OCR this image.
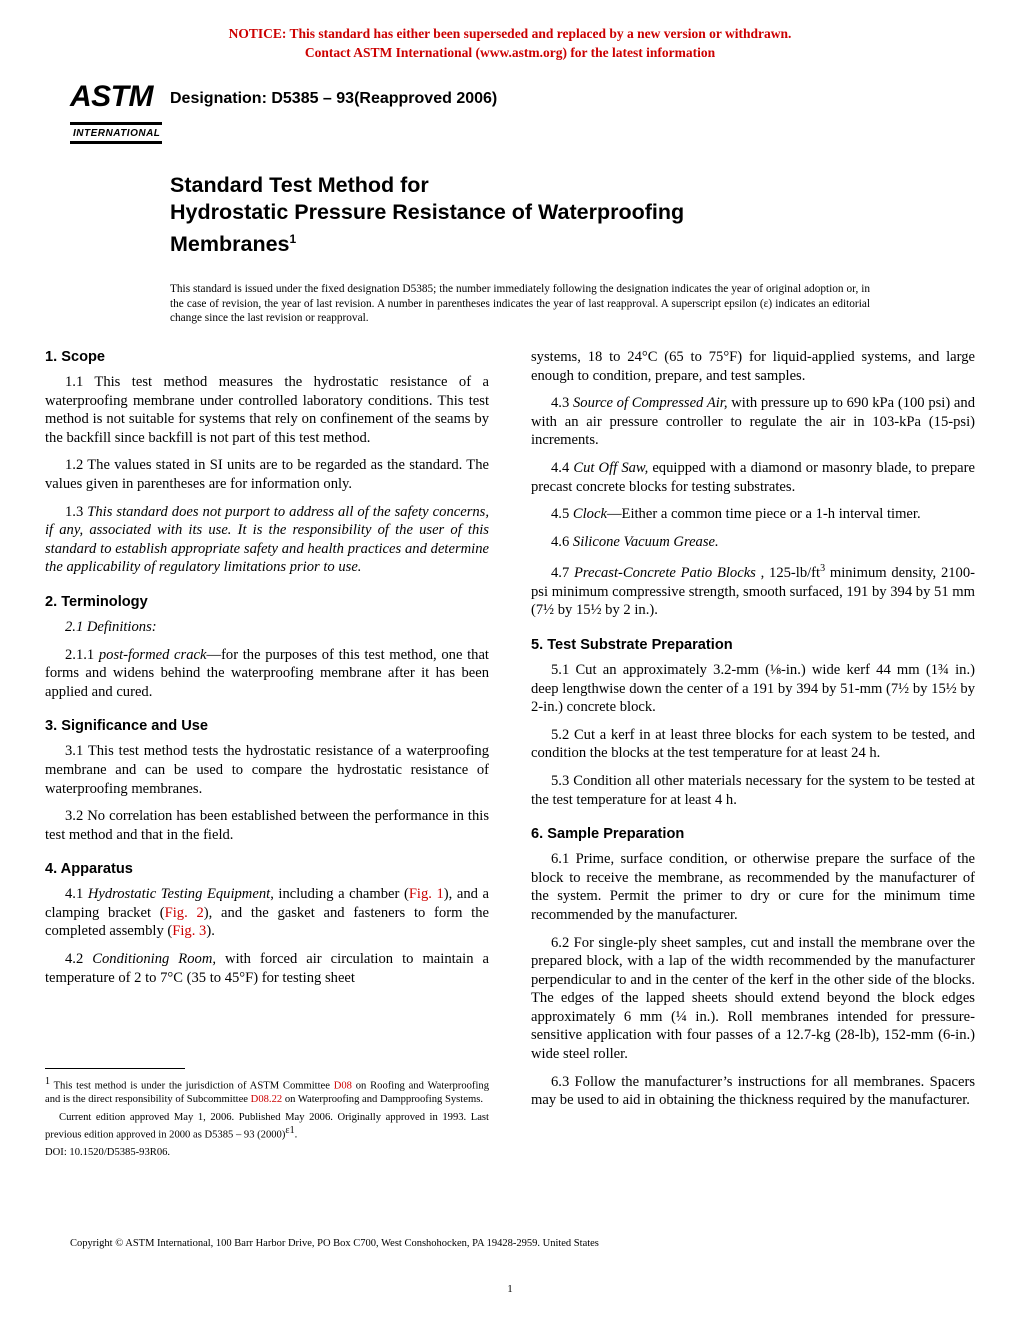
NOTICE: This standard has either been superseded and replaced by a new version or withdrawn.
Contact ASTM International (www.astm.org) for the latest information
ASTM
INTERNATIONAL
Designation: D5385 – 93(Reapproved 2006)
Standard Test Method for
Hydrostatic Pressure Resistance of Waterproofing
Membranes$^1$
This standard is issued under the fixed designation D5385; the number immediately following the designation indicates the year of original adoption or, in the case of revision, the year of last revision. A number in parentheses indicates the year of last reapproval. A superscript epsilon (ε) indicates an editorial change since the last revision or reapproval.
1. Scope

1.1 This test method measures the hydrostatic resistance of a waterproofing membrane under controlled laboratory conditions. This test method is not suitable for systems that rely on confinement of the seams by the backfill since backfill is not part of this test method.

1.2 The values stated in SI units are to be regarded as the standard. The values given in parentheses are for information only.

1.3 This standard does not purport to address all of the safety concerns, if any, associated with its use. It is the responsibility of the user of this standard to establish appropriate safety and health practices and determine the applicability of regulatory limitations prior to use.

2. Terminology

2.1 Definitions:

2.1.1 post-formed crack—for the purposes of this test method, one that forms and widens behind the waterproofing membrane after it has been applied and cured.

3. Significance and Use

3.1 This test method tests the hydrostatic resistance of a waterproofing membrane and can be used to compare the hydrostatic resistance of waterproofing membranes.

3.2 No correlation has been established between the performance in this test method and that in the field.

4. Apparatus

4.1 Hydrostatic Testing Equipment, including a chamber (Fig. 1), and a clamping bracket (Fig. 2), and the gasket and fasteners to form the completed assembly (Fig. 3).

4.2 Conditioning Room, with forced air circulation to maintain a temperature of 2 to 7°C (35 to 45°F) for testing sheet

systems, 18 to 24°C (65 to 75°F) for liquid-applied systems, and large enough to condition, prepare, and test samples.

4.3 Source of Compressed Air, with pressure up to 690 kPa (100 psi) and with an air pressure controller to regulate the air in 103-kPa (15-psi) increments.

4.4 Cut Off Saw, equipped with a diamond or masonry blade, to prepare precast concrete blocks for testing substrates.

4.5 Clock—Either a common time piece or a 1-h interval timer.

4.6 Silicone Vacuum Grease.

4.7 Precast-Concrete Patio Blocks , $125-lb/ft^3$ minimum density, 2100-psi minimum compressive strength, smooth surfaced, 191 by 394 by 51 mm (7½ by 15½ by 2 in.).

5. Test Substrate Preparation

5.1 Cut an approximately 3.2-mm (⅛-in.) wide kerf 44 mm (1¾ in.) deep lengthwise down the center of a 191 by 394 by 51-mm (7½ by 15½ by 2-in.) concrete block.

5.2 Cut a kerf in at least three blocks for each system to be tested, and condition the blocks at the test temperature for at least 24 h.

5.3 Condition all other materials necessary for the system to be tested at the test temperature for at least 4 h.

6. Sample Preparation

6.1 Prime, surface condition, or otherwise prepare the surface of the block to receive the membrane, as recommended by the manufacturer of the system. Permit the primer to dry or cure for the minimum time recommended by the manufacturer.

6.2 For single-ply sheet samples, cut and install the membrane over the prepared block, with a lap of the width recommended by the manufacturer perpendicular to and in the center of the kerf in the other side of the blocks. The edges of the lapped sheets should extend beyond the block edges approximately 6 mm (¼ in.). Roll membranes intended for pressure-sensitive application with four passes of a 12.7-kg (28-lb), 152-mm (6-in.) wide steel roller.

6.3 Follow the manufacturer’s instructions for all membranes. Spacers may be used to aid in obtaining the thickness required by the manufacturer.

$^1$ This test method is under the jurisdiction of ASTM Committee D08 on Roofing and Waterproofing and is the direct responsibility of Subcommittee D08.22 on Waterproofing and Dampproofing Systems.

Current edition approved May 1, 2006. Published May 2006. Originally approved in 1993. Last previous edition approved in 2000 as D5385 – 93 $(2000)^{\varepsilon 1}$.

DOI: 10.1520/D5385-93R06.

Copyright © ASTM International, 100 Barr Harbor Drive, PO Box C700, West Conshohocken, PA 19428-2959. United States
1
